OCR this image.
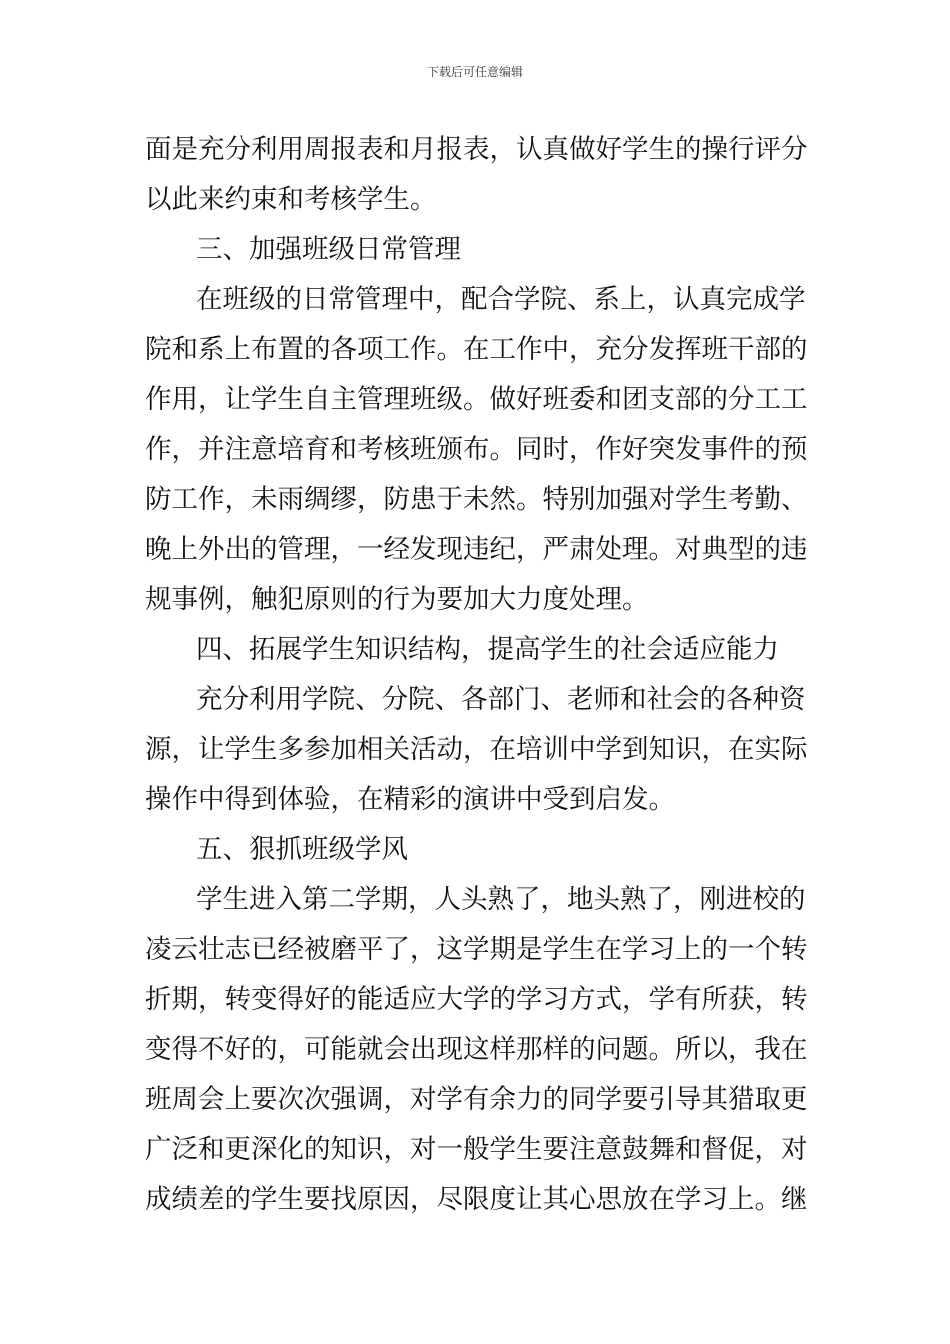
下载后可任意编辑
面是充分利用周报表和月报表，认真做好学生的操行评分
以此来约束和考核学生。
三、加强班级日常管理
在班级的日常管理中，配合学院、系上，认真完成学
院和系上布置的各项工作。在工作中，充分发挥班干部的
作用，让学生自主管理班级。做好班委和团支部的分工工
作，并注意培育和考核班颁布。同时，作好突发事件的预
防工作，未雨绸缪，防患于未然。特别加强对学生考勤、
晚上外出的管理，一经发现违纪，严肃处理。对典型的违
规事例，触犯原则的行为要加大力度处理。
四、拓展学生知识结构，提高学生的社会适应能力
充分利用学院、分院、各部门、老师和社会的各种资
源，让学生多参加相关活动，在培训中学到知识，在实际
操作中得到体验，在精彩的演讲中受到启发。
五、狠抓班级学风
学生进入第二学期，人头熟了，地头熟了，刚进校的
凌云壮志已经被磨平了，这学期是学生在学习上的一个转
折期，转变得好的能适应大学的学习方式，学有所获，转
变得不好的，可能就会出现这样那样的问题。所以，我在
班周会上要次次强调，对学有余力的同学要引导其猎取更
广泛和更深化的知识，对一般学生要注意鼓舞和督促，对
成绩差的学生要找原因，尽限度让其心思放在学习上。继
